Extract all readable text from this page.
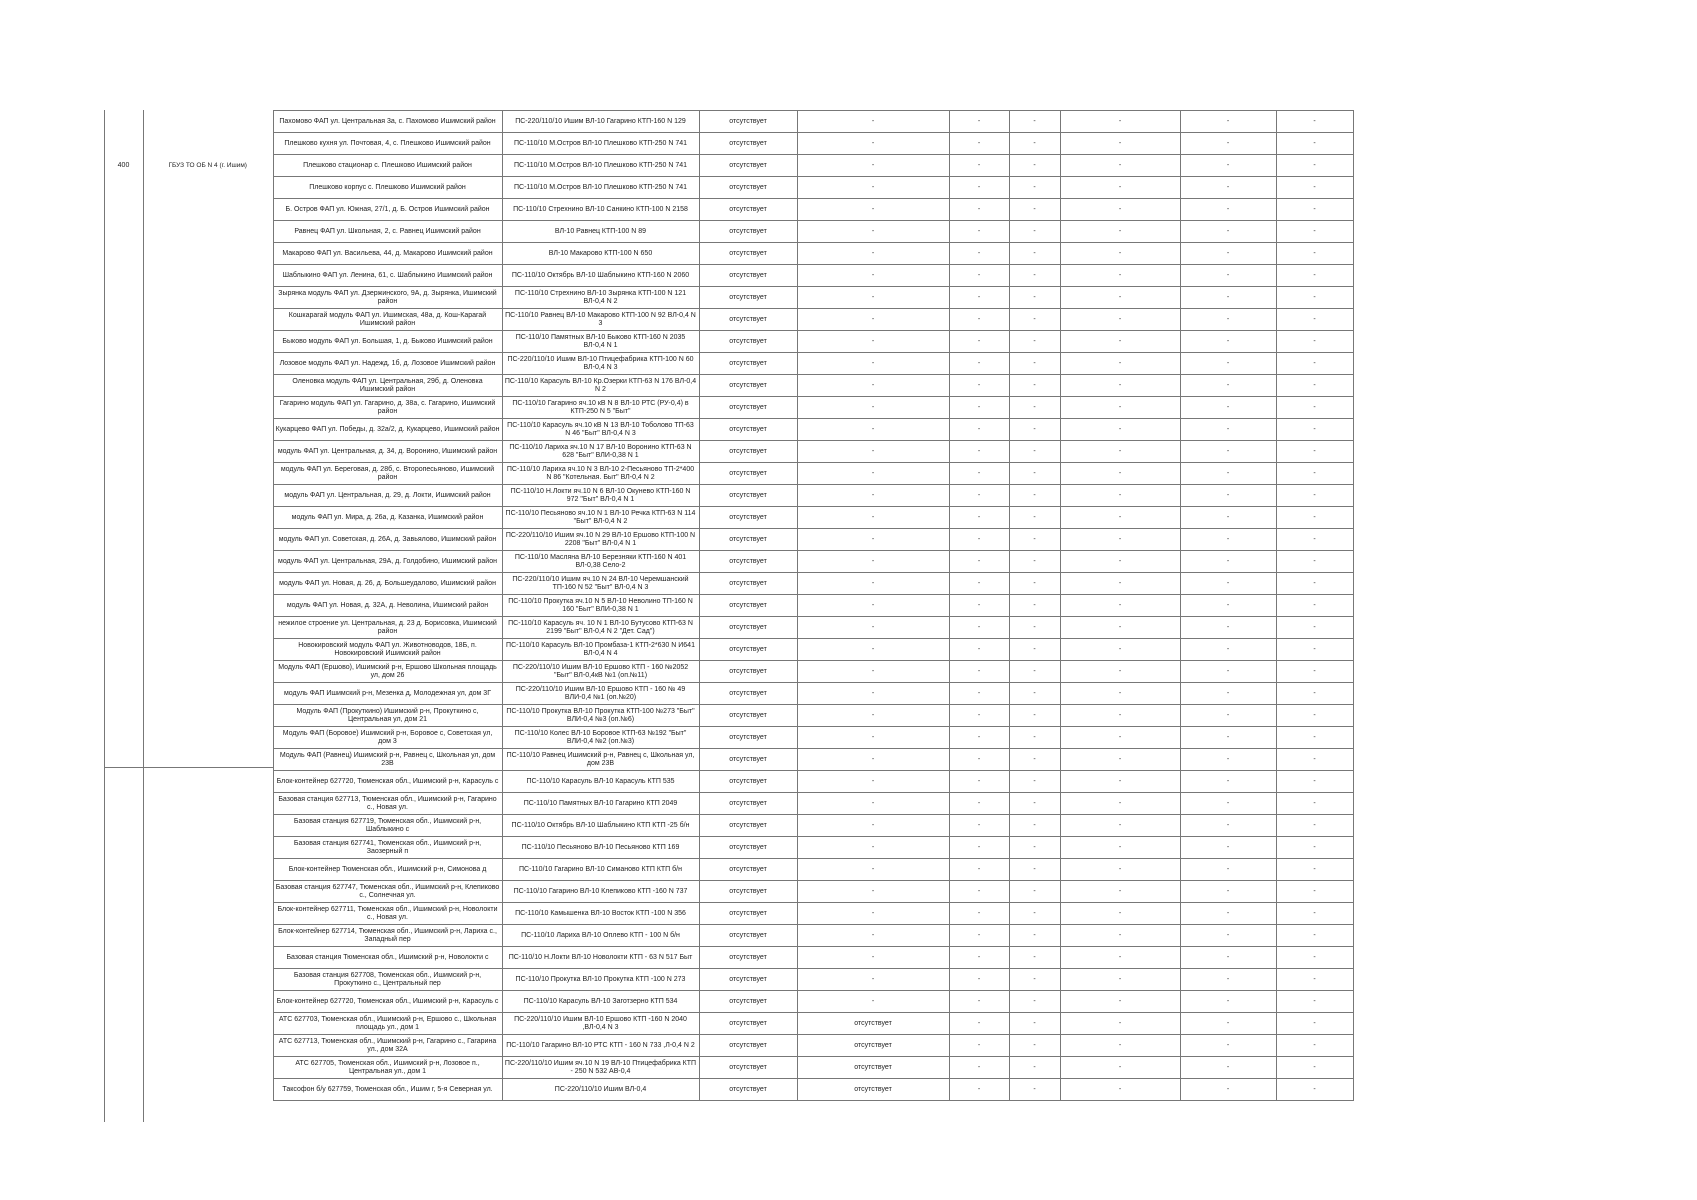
		Пахомово ФАП ул. Центральная 3а, с. Пахомово Ишимский район	ПС-220/110/10 Ишим ВЛ-10 Гагарино КТП-160 N 129	отсутствует	-	-	-	-	-	-
		Плешково кухня ул. Почтовая, 4, с. Плешково Ишимский район	ПС-110/10 М.Остров ВЛ-10 Плешково КТП-250 N 741	отсутствует	-	-	-	-	-	-
400	ГБУЗ ТО ОБ N 4 (г. Ишим)	Плешково стационар с. Плешково Ишимский район	ПС-110/10 М.Остров ВЛ-10 Плешково КТП-250 N 741	отсутствует	-	-	-	-	-	-
		Плешково корпус с. Плешково Ишимский район	ПС-110/10 М.Остров ВЛ-10 Плешково КТП-250 N 741	отсутствует	-	-	-	-	-	-
		Б. Остров ФАП ул. Южная, 27/1, д. Б. Остров Ишимский район	ПС-110/10 Стрехнино ВЛ-10 Санкино КТП-100 N 2158	отсутствует	-	-	-	-	-	-
		Равнец ФАП ул. Школьная, 2, с. Равнец Ишимский район	ВЛ-10 Равнец КТП-100 N 89	отсутствует	-	-	-	-	-	-
		Макарово ФАП ул. Васильева, 44, д. Макарово Ишимский район	ВЛ-10 Макарово КТП-100 N 650	отсутствует	-	-	-	-	-	-
		Шаблыкино ФАП ул. Ленина, 61, с. Шаблыкино Ишимский район	ПС-110/10 Октябрь ВЛ-10 Шаблыкино КТП-160 N 2060	отсутствует	-	-	-	-	-	-
		Зырянка модуль ФАП ул. Дзержинского, 9А, д. Зырянка, Ишимский район	ПС-110/10 Стрехнино ВЛ-10 Зырянка КТП-100 N 121 ВЛ-0,4 N 2	отсутствует	-	-	-	-	-	-
		Кошкарагай модуль ФАП ул. Ишимская, 48а, д. Кош-Карагай Ишимский район	ПС-110/10 Равнец ВЛ-10 Макарово КТП-100 N 92 ВЛ-0,4 N 3	отсутствует	-	-	-	-	-	-
		Быково модуль ФАП ул. Большая, 1, д. Быково Ишимский район	ПС-110/10 Памятных ВЛ-10 Быково КТП-160 N 2035 ВЛ-0,4 N 1	отсутствует	-	-	-	-	-	-
		Лозовое модуль ФАП ул. Надежд, 1б, д. Лозовое Ишимский район	ПС-220/110/10 Ишим ВЛ-10 Птицефабрика КТП-100 N 60 ВЛ-0,4 N 3	отсутствует	-	-	-	-	-	-
		Оленовка модуль ФАП ул. Центральная, 29б, д. Оленовка Ишимский район	ПС-110/10 Карасуль ВЛ-10 Кр.Озерки КТП-63 N 176 ВЛ-0,4 N 2	отсутствует	-	-	-	-	-	-
		Гагарино модуль ФАП ул. Гагарино, д. 38а, с. Гагарино, Ишимский район	ПС-110/10 Гагарино яч.10 кВ N 8 ВЛ-10 РТС (РУ-0,4) в КТП-250 N 5 "Быт"	отсутствует	-	-	-	-	-	-
		Кукарцево ФАП ул. Победы, д. 32а/2, д. Кукарцево, Ишимский район	ПС-110/10 Карасуль яч.10 кВ N 13 ВЛ-10 Тоболово ТП-63 N 46 "Быт" ВЛ-0,4 N 3	отсутствует	-	-	-	-	-	-
		модуль ФАП ул. Центральная, д. 34, д. Воронино, Ишимский район	ПС-110/10 Лариха яч.10 N 17 ВЛ-10 Воронино КТП-63 N 628 "Быт" ВЛИ-0,38 N 1	отсутствует	-	-	-	-	-	-
		модуль ФАП ул. Береговая, д. 28б, с. Второпесьяново, Ишимский район	ПС-110/10 Лариха яч.10 N 3 ВЛ-10 2-Песьяново ТП-2*400 N 86 "Котельная. Быт" ВЛ-0,4 N 2	отсутствует	-	-	-	-	-	-
		модуль ФАП ул. Центральная, д. 29, д. Локти, Ишимский район	ПС-110/10 Н.Локти яч.10 N 6 ВЛ-10 Окунево КТП-160 N 972 "Быт" ВЛ-0,4 N 1	отсутствует	-	-	-	-	-	-
		модуль ФАП ул. Мира, д. 26а, д. Казанка, Ишимский район	ПС-110/10 Песьяново яч.10 N 1 ВЛ-10 Речка КТП-63 N 114 "Быт" ВЛ-0,4 N 2	отсутствует	-	-	-	-	-	-
		модуль ФАП ул. Советская, д. 26А, д. Завьялово, Ишимский район	ПС-220/110/10 Ишим яч.10 N 29 ВЛ-10 Ершово КТП-100 N 2208 "Быт" ВЛ-0,4 N 1	отсутствует	-	-	-	-	-	-
		модуль ФАП ул. Центральная, 29А, д. Голдобино, Ишимский район	ПС-110/10 Масляна ВЛ-10 Березняки КТП-160 N 401 ВЛ-0,38 Село-2	отсутствует	-	-	-	-	-	-
		модуль ФАП ул. Новая, д. 26, д. Большеудалово, Ишимский район	ПС-220/110/10 Ишим яч.10 N 24 ВЛ-10 Черемшанский ТП-160 N 52 "Быт" ВЛ-0,4 N 3	отсутствует	-	-	-	-	-	-
		модуль ФАП ул. Новая, д. 32А, д. Неволина, Ишимский район	ПС-110/10 Прокутка яч.10 N 5 ВЛ-10 Неволино ТП-160 N 160 "Быт" ВЛИ-0,38 N 1	отсутствует	-	-	-	-	-	-
		нежилое строение ул. Центральная, д. 23 д. Борисовка, Ишимский район	ПС-110/10 Карасуль яч. 10 N 1 ВЛ-10 Бутусово КТП-63 N 2199 "Быт" ВЛ-0,4 N 2 "Дет. Сад")	отсутствует	-	-	-	-	-	-
		Новокировский модуль ФАП ул. Животноводов, 18Б, п. Новокировский Ишимский район	ПС-110/10 Карасуль ВЛ-10 Промбаза-1 КТП-2*630 N И641 ВЛ-0,4 N 4	отсутствует	-	-	-	-	-	-
		Модуль ФАП (Ершово), Ишимский р-н, Ершово Школьная площадь ул, дом 26	ПС-220/110/10 Ишим ВЛ-10 Ершово КТП - 160 №2052 "Быт" ВЛ-0,4кВ №1 (оп.№11)	отсутствует	-	-	-	-	-	-
		модуль ФАП Ишимский р-н, Мезенка д, Молодежная ул, дом 3Г	ПС-220/110/10 Ишим ВЛ-10 Ершово КТП - 160 № 49 ВЛИ-0,4 №1 (оп.№20)	отсутствует	-	-	-	-	-	-
		Модуль ФАП (Прокуткино) Ишимский р-н, Прокуткино с, Центральная ул, дом 21	ПС-110/10 Прокутка ВЛ-10 Прокутка КТП-100 №273 "Быт" ВЛИ-0,4 №3 (оп.№6)	отсутствует	-	-	-	-	-	-
		Модуль ФАП (Боровое) Ишимский р-н, Боровое с, Советская ул, дом 3	ПС-110/10 Колес ВЛ-10 Боровое КТП-63 №192 "Быт" ВЛИ-0,4 №2 (оп.№3)	отсутствует	-	-	-	-	-	-
		Модуль ФАП (Равнец) Ишимский р-н, Равнец с, Школьная ул, дом 23В	ПС-110/10 Равнец Ишимский р-н, Равнец с, Школьная ул, дом 23В	отсутствует	-	-	-	-	-	-
		Блок-контейнер 627720, Тюменская обл., Ишимский р-н, Карасуль с	ПС-110/10 Карасуль ВЛ-10 Карасуль КТП 535	отсутствует	-	-	-	-	-	-
		Базовая станция 627713, Тюменская обл., Ишимский р-н, Гагарино с., Новая ул.	ПС-110/10 Памятных ВЛ-10 Гагарино КТП 2049	отсутствует	-	-	-	-	-	-
		Базовая станция 627719, Тюменская обл., Ишимский р-н, Шаблыкино с	ПС-110/10 Октябрь ВЛ-10 Шаблыкино КТП КТП -25 б/н	отсутствует	-	-	-	-	-	-
		Базовая станция 627741, Тюменская обл., Ишимский р-н, Заозерный п	ПС-110/10 Песьяново ВЛ-10 Песьяново КТП 169	отсутствует	-	-	-	-	-	-
		Блок-контейнер Тюменская обл., Ишимский р-н, Симонова д	ПС-110/10 Гагарино ВЛ-10 Симаново КТП КТП б/н	отсутствует	-	-	-	-	-	-
		Базовая станция 627747, Тюменская обл., Ишимский р-н, Клепиково с., Солнечная ул.	ПС-110/10 Гагарино ВЛ-10 Клепиково КТП -160 N 737	отсутствует	-	-	-	-	-	-
		Блок-контейнер 627711, Тюменская обл., Ишимский р-н, Новолокти с., Новая ул.	ПС-110/10 Камышенка ВЛ-10 Восток КТП -100 N 356	отсутствует	-	-	-	-	-	-
		Блок-контейнер 627714, Тюменская обл., Ишимский р-н, Лариха с., Западный пер	ПС-110/10 Лариха ВЛ-10 Оплево КТП - 100 N б/н	отсутствует	-	-	-	-	-	-
		Базовая станция Тюменская обл., Ишимский р-н, Новолокти с	ПС-110/10 Н.Локти ВЛ-10 Новолокти КТП - 63 N 517 Быт	отсутствует	-	-	-	-	-	-
		Базовая станция 627708, Тюменская обл., Ишимский р-н, Прокуткино с., Центральный пер	ПС-110/10 Прокутка ВЛ-10 Прокутка КТП -100 N 273	отсутствует	-	-	-	-	-	-
		Блок-контейнер 627720, Тюменская обл., Ишимский р-н, Карасуль с	ПС-110/10 Карасуль ВЛ-10 Заготзерно КТП 534	отсутствует	-	-	-	-	-	-
		АТС 627703, Тюменская обл., Ишимский р-н, Ершово с., Школьная площадь ул., дом 1	ПС-220/110/10 Ишим ВЛ-10 Ершово КТП -160 N 2040 ,ВЛ-0,4 N 3	отсутствует	отсутствует	-	-	-	-	-
		АТС 627713, Тюменская обл., Ишимский р-н, Гагарино с., Гагарина ул., дом 32А	ПС-110/10 Гагарино ВЛ-10 РТС КТП - 160 N 733 ,Л-0,4 N 2	отсутствует	отсутствует	-	-	-	-	-
		АТС 627705, Тюменская обл., Ишимский р-н, Лозовое п., Центральная ул., дом 1	ПС-220/110/10 Ишим яч.10 N 19 ВЛ-10 Птицефабрика КТП - 250 N 532 АВ-0,4	отсутствует	отсутствует	-	-	-	-	-
		Таксофон б/у 627759, Тюменская обл., Ишим г, 5-я Северная ул.	ПС-220/110/10 Ишим ВЛ-0,4	отсутствует	отсутствует	-	-	-	-	-
